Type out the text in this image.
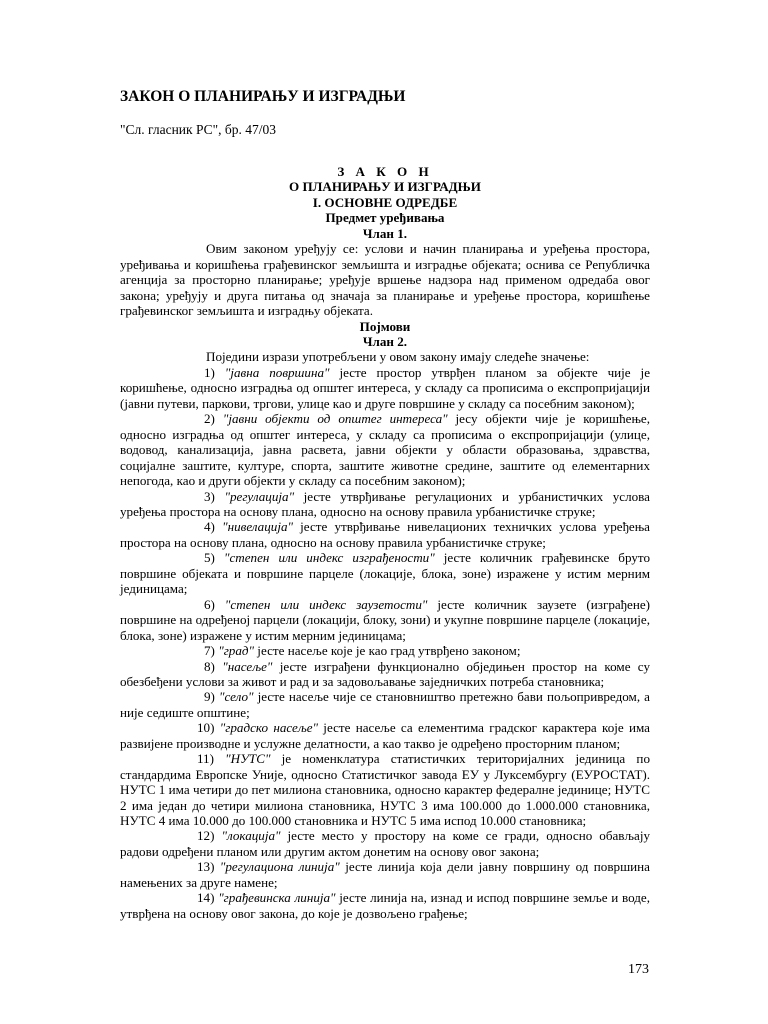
ЗАКОН О ПЛАНИРАЊУ И ИЗГРАДЊИ
"Сл. гласник РС", бр. 47/03
З А К О Н
О ПЛАНИРАЊУ И ИЗГРАДЊИ
I. ОСНОВНЕ ОДРЕДБЕ
Предмет уређивања
Члан 1.

Овим законом уређују се: услови и начин планирања и уређења простора, уређивања и коришћења грађевинског земљишта и изградње објеката; оснива се Републичка агенција за просторно планирање; уређује вршење надзора над применом одредаба овог закона; уређују и друга питања од значаја за планирање и уређење простора, коришћење грађевинског земљишта и изградњу објеката.

Појмови
Члан 2.

Поједини изрази употребљени у овом закону имају следеће значење:

1) "јавна површина" јесте простор утврђен планом за објекте чије је коришћење, односно изградња од општег интереса, у складу са прописима о експропријацији (јавни путеви, паркови, тргови, улице као и друге површине у складу са посебним законом);

2) "јавни објекти од општег интереса" јесу објекти чије је коришћење, односно изградња од општег интереса, у складу са прописима о експропријацији (улице, водовод, канализација, јавна расвета, јавни објекти у области образовања, здравства, социјалне заштите, културе, спорта, заштите животне средине, заштите од елементарних непогода, као и други објекти у складу са посебним законом);

3) "регулација" јесте утврђивање регулационих и урбанистичких услова уређења простора на основу плана, односно на основу правила урбанистичке струке;

4) "нивелација" јесте утврђивање нивелационих техничких услова уређења простора на основу плана, односно на основу правила урбанистичке струке;

5) "степен или индекс изграђености" јесте количник грађевинске бруто површине објеката и површине парцеле (локације, блока, зоне) изражене у истим мерним јединицама;

6) "степен или индекс заузетости" јесте количник заузете (изграђене) површине на одређеној парцели (локацији, блоку, зони) и укупне површине парцеле (локације, блока, зоне) изражене у истим мерним јединицама;

7) "град" јесте насеље које је као град утврђено законом;

8) "насеље" јесте изграђени функционално обједињен простор на коме су обезбеђени услови за живот и рад и за задовољавање заједничких потреба становника;

9) "село" јесте насеље чије се становништво претежно бави пољопривредом, а није седиште општине;

10) "градско насеље" јесте насеље са елементима градског карактера које има развијене производне и услужне делатности, а као такво је одређено просторним планом;

11) "НУТС" је номенклатура статистичких територијалних јединица по стандардима Европске Уније, односно Статистичког завода ЕУ у Луксембургу (ЕУРОСТАТ). НУТС 1 има четири до пет милиона становника, односно карактер федералне јединице; НУТС 2 има један до четири милиона становника, НУТС 3 има 100.000 до 1.000.000 становника, НУТС 4 има 10.000 до 100.000 становника и НУТС 5 има испод 10.000 становника;

12) "локација" јесте место у простору на коме се гради, односно обављају радови одређени планом или другим актом донетим на основу овог закона;

13) "регулациона линија" јесте линија која дели јавну површину од површина намењених за друге намене;

14) "грађевинска линија" јесте линија на, изнад и испод површине земље и воде, утврђена на основу овог закона, до које је дозвољено грађење;

173
